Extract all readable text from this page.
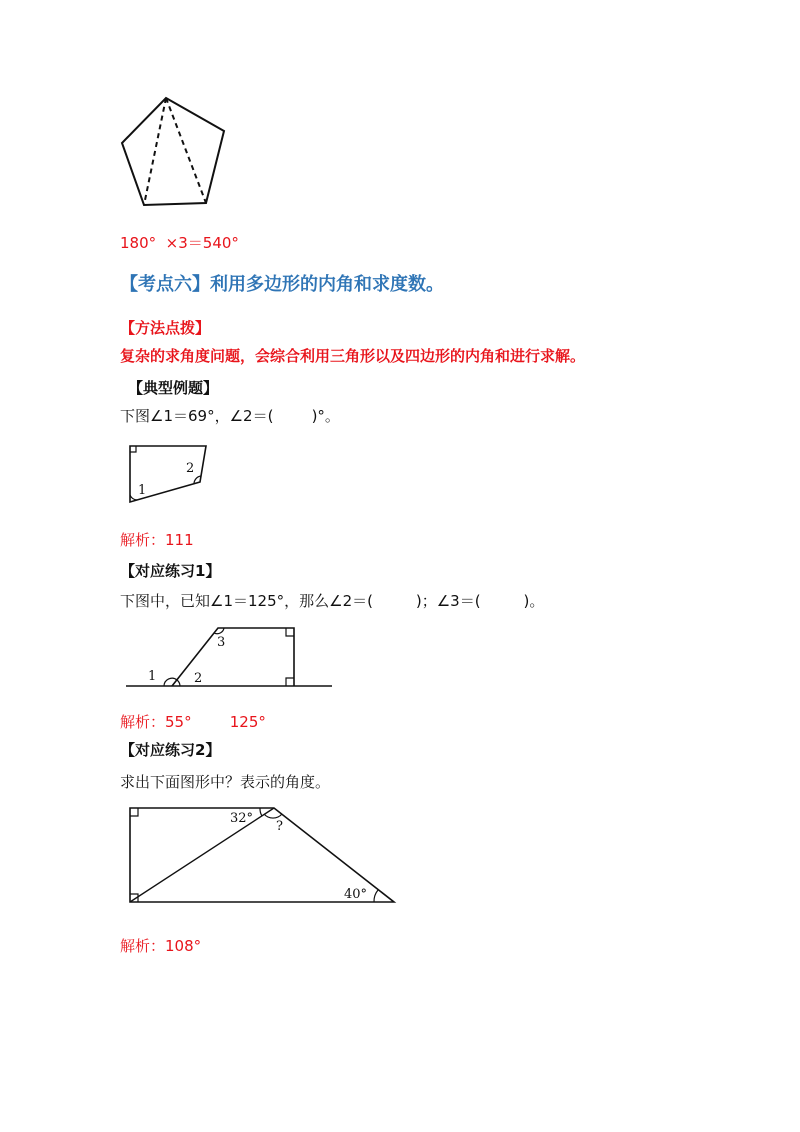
180°  ×3＝540°
【考点六】利用多边形的内角和求度数。
【方法点拨】
复杂的求角度问题，会综合利用三角形以及四边形的内角和进行求解。
【典型例题】
下图∠1＝69°，∠2＝(        )°。
1
2
解析：111
【对应练习1】
下图中，已知∠1＝125°，那么∠2＝(         )；∠3＝(         )。
1	2
3
解析：55°        125°
【对应练习2】
求出下面图形中？表示的角度。
32°
?
40°
解析：108°
